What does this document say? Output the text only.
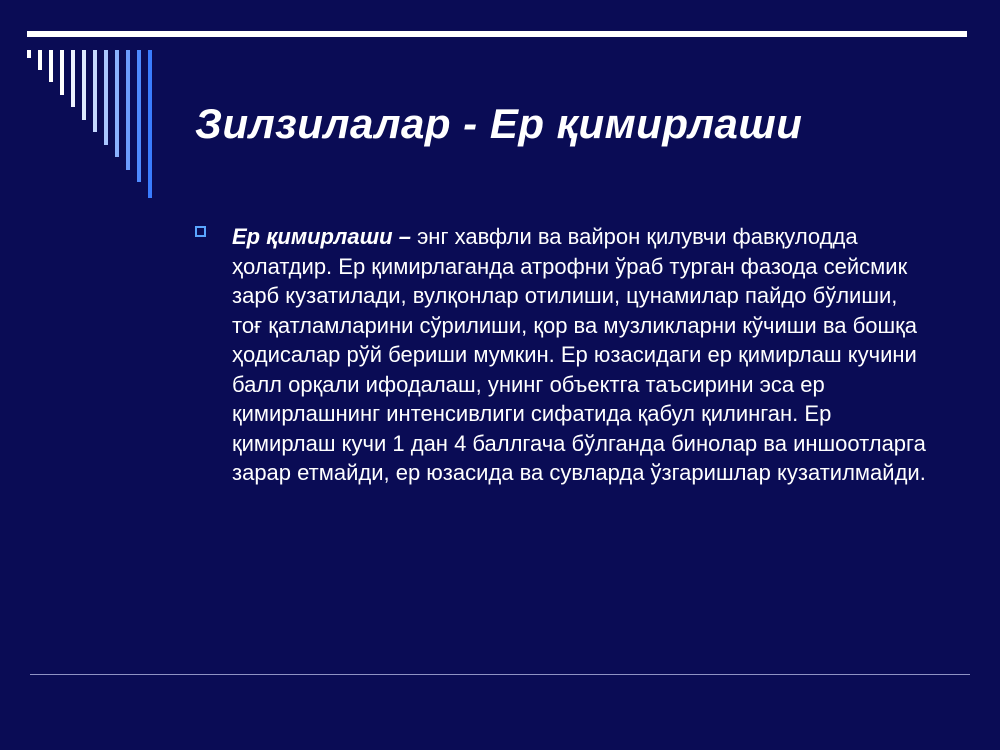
Зилзилалар - Ер қимирлаши

Ер қимирлаши – энг хавфли ва вайрон қилувчи фавқулодда ҳолатдир. Ер қимирлаганда атрофни ўраб турган фазода сейсмик зарб кузатилади, вулқонлар отилиши, цунамилар пайдо бўлиши, тоғ қатламларини сўрилиши, қор ва музликларни кўчиши ва бошқа ҳодисалар рўй бериши мумкин. Ер юзасидаги ер қимирлаш кучини балл орқали ифодалаш, унинг объектга таъсирини эса ер қимирлашнинг интенсивлиги сифатида қабул қилинган. Ер қимирлаш кучи 1 дан 4 баллгача бўлганда бинолар ва иншоотларга зарар етмайди, ер юзасида ва сувларда ўзгаришлар кузатилмайди.
